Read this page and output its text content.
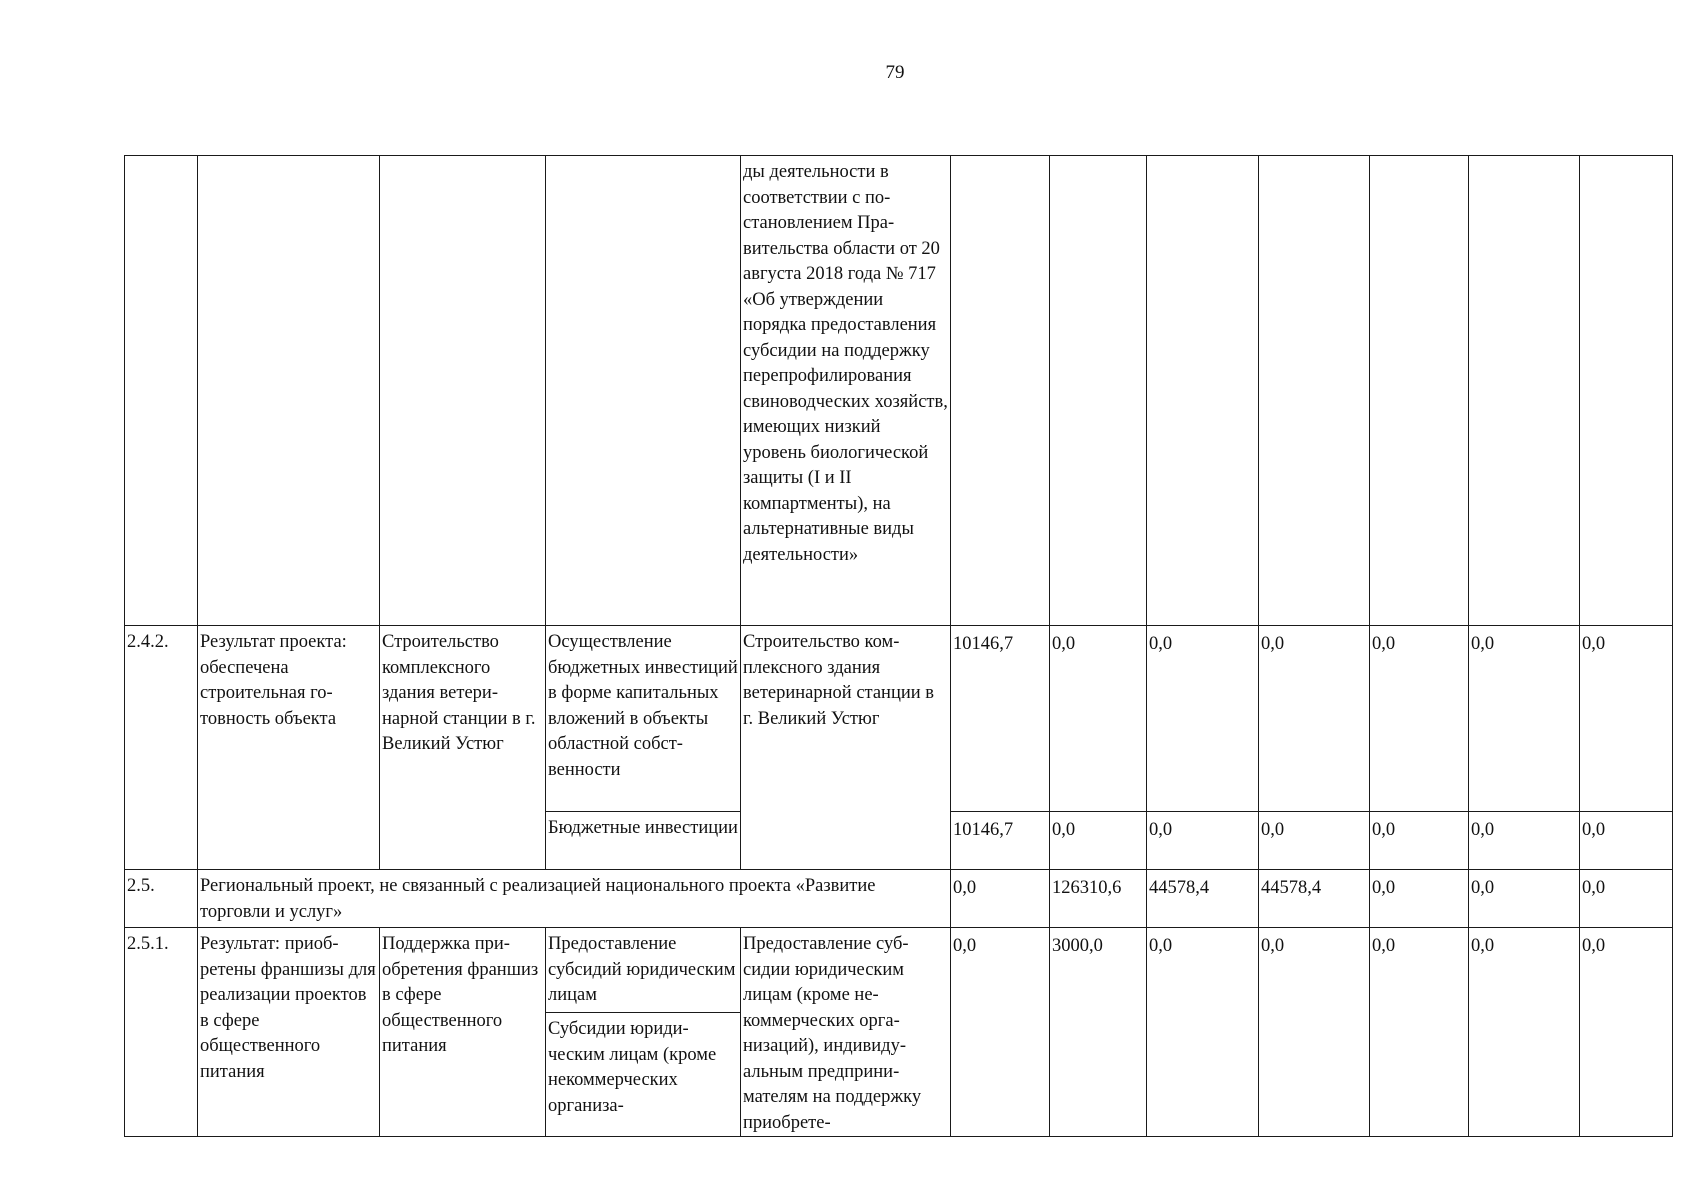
79
				ды деятельности в соответствии с постановлением Правительства области от 20 августа 2018 года № 717 «Об утверждении порядка предоставления субсидии на поддержку перепрофилирования свиноводческих хозяйств, имеющих низкий уровень биологической защиты (I и II компартменты), на альтернативные виды деятельности»							
2.4.2.	Результат проекта: обеспечена строительная готовность объекта	Строительство комплексного здания ветеринарной станции в г. Великий Устюг	Осуществление бюджетных инвестиций в форме капитальных вложений в объекты областной собственности	Строительство комплексного здания ветеринарной станции в г. Великий Устюг	10146,7	0,0	0,0	0,0	0,0	0,0	0,0
			Бюджетные инвестиции		10146,7	0,0	0,0	0,0	0,0	0,0	0,0
2.5.	Региональный проект, не связанный с реализацией национального проекта «Развитие торговли и услуг»				0,0	126310,6	44578,4	44578,4	0,0	0,0	0,0
2.5.1.	Результат: приобретены франшизы для реализации проектов в сфере общественного питания	Поддержка приобретения франшиз в сфере общественного питания	Предоставление субсидий юридическим лицам	Предоставление субсидии юридическим лицам (кроме некоммерческих организаций), индивидуальным предпринимателям на поддержку приобрете-	0,0	3000,0	0,0	0,0	0,0	0,0	0,0
			Субсидии юридическим лицам (кроме некоммерческих организа-								
